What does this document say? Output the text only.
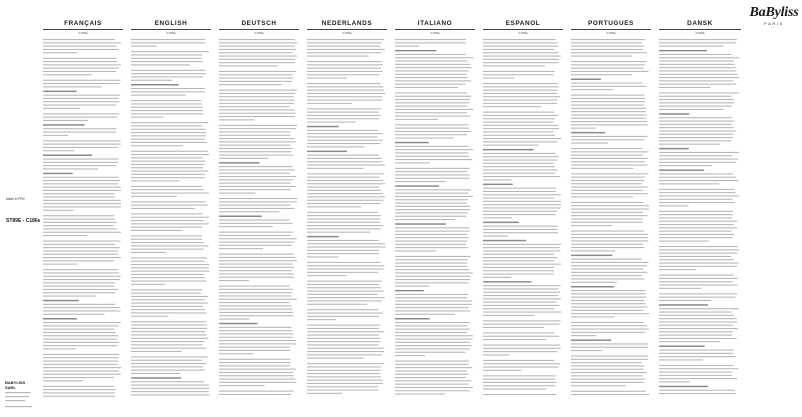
BaByliss
PARIS
Made in PRC
ST89E - C186e
BABYLISS SARL
FRANÇAIS
ST89E
ENGLISH
ST89E
DEUTSCH
ST89E
NEDERLANDS
ST89E
ITALIANO
ST89E
ESPAÑOL
ST89E
PORTUGUÊS
ST89E
DANSK
ST89E
